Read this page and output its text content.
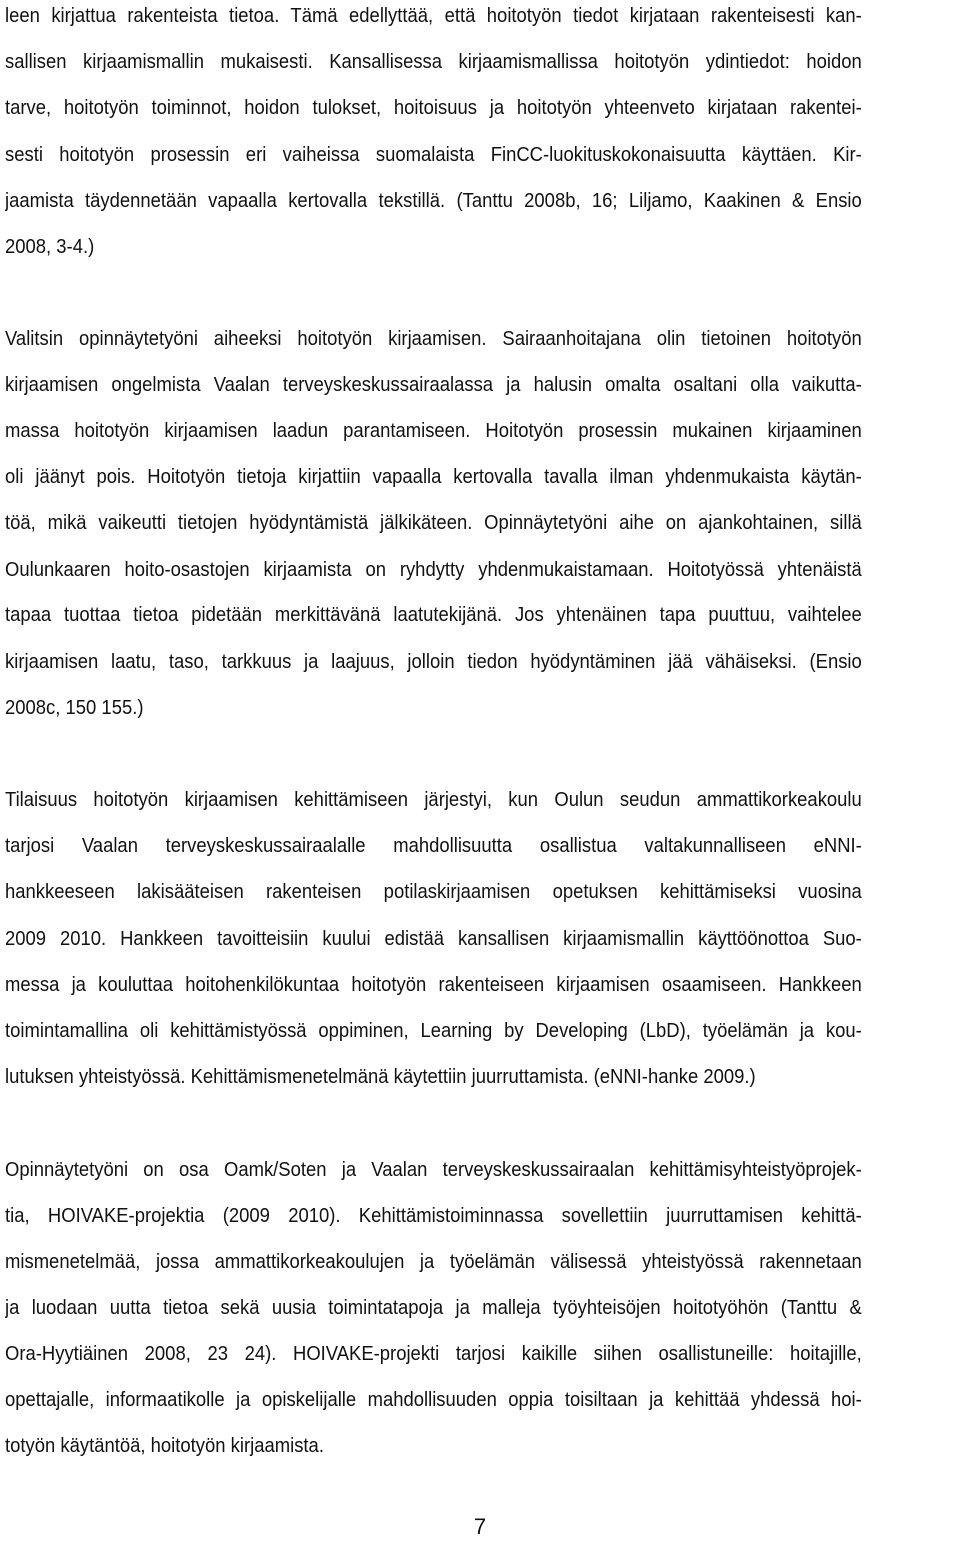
leen kirjattua rakenteista tietoa. Tämä edellyttää, että hoitotyön tiedot kirjataan rakenteisesti kan-
sallisen kirjaamismallin mukaisesti. Kansallisessa kirjaamismallissa hoitotyön ydintiedot: hoidon
tarve, hoitotyön toiminnot, hoidon tulokset, hoitoisuus ja hoitotyön yhteenveto kirjataan rakentei-
sesti hoitotyön prosessin eri vaiheissa suomalaista FinCC-luokituskokonaisuutta käyttäen. Kir-
jaamista täydennetään vapaalla kertovalla tekstillä. (Tanttu 2008b, 16; Liljamo, Kaakinen & Ensio
2008, 3-4.)
Valitsin opinnäytetyöni aiheeksi hoitotyön kirjaamisen. Sairaanhoitajana olin tietoinen hoitotyön
kirjaamisen ongelmista Vaalan terveyskeskussairaalassa ja halusin omalta osaltani olla vaikutta-
massa hoitotyön kirjaamisen laadun parantamiseen. Hoitotyön prosessin mukainen kirjaaminen
oli jäänyt pois. Hoitotyön tietoja kirjattiin vapaalla kertovalla tavalla ilman yhdenmukaista käytän-
töä, mikä vaikeutti tietojen hyödyntämistä jälkikäteen. Opinnäytetyöni aihe on ajankohtainen, sillä
Oulunkaaren hoito-osastojen kirjaamista on ryhdytty yhdenmukaistamaan. Hoitotyössä yhtenäistä
tapaa tuottaa tietoa pidetään merkittävänä laatutekijänä. Jos yhtenäinen tapa puuttuu, vaihtelee
kirjaamisen laatu, taso, tarkkuus ja laajuus, jolloin tiedon hyödyntäminen jää vähäiseksi. (Ensio
2008c, 150 155.)
Tilaisuus hoitotyön kirjaamisen kehittämiseen järjestyi, kun Oulun seudun ammattikorkeakoulu
tarjosi Vaalan terveyskeskussairaalalle mahdollisuutta osallistua valtakunnalliseen eNNI-
hankkeeseen lakisääteisen rakenteisen potilaskirjaamisen opetuksen kehittämiseksi vuosina
2009 2010. Hankkeen tavoitteisiin kuului edistää kansallisen kirjaamismallin käyttöönottoa Suo-
messa ja kouluttaa hoitohenkilökuntaa hoitotyön rakenteiseen kirjaamisen osaamiseen. Hankkeen
toimintamallina oli kehittämistyössä oppiminen, Learning by Developing (LbD), työelämän ja kou-
lutuksen yhteistyössä. Kehittämismenetelmänä käytettiin juurruttamista. (eNNI-hanke 2009.)
Opinnäytetyöni on osa Oamk/Soten ja Vaalan terveyskeskussairaalan kehittämisyhteistyöprojek-
tia, HOIVAKE-projektia (2009 2010). Kehittämistoiminnassa sovellettiin juurruttamisen kehittä-
mismenetelmää, jossa ammattikorkeakoulujen ja työelämän välisessä yhteistyössä rakennetaan
ja luodaan uutta tietoa sekä uusia toimintatapoja ja malleja työyhteisöjen hoitotyöhön (Tanttu &
Ora-Hyytiäinen 2008, 23 24). HOIVAKE-projekti tarjosi kaikille siihen osallistuneille: hoitajille,
opettajalle, informaatikolle ja opiskelijalle mahdollisuuden oppia toisiltaan ja kehittää yhdessä hoi-
totyön käytäntöä, hoitotyön kirjaamista.
7
